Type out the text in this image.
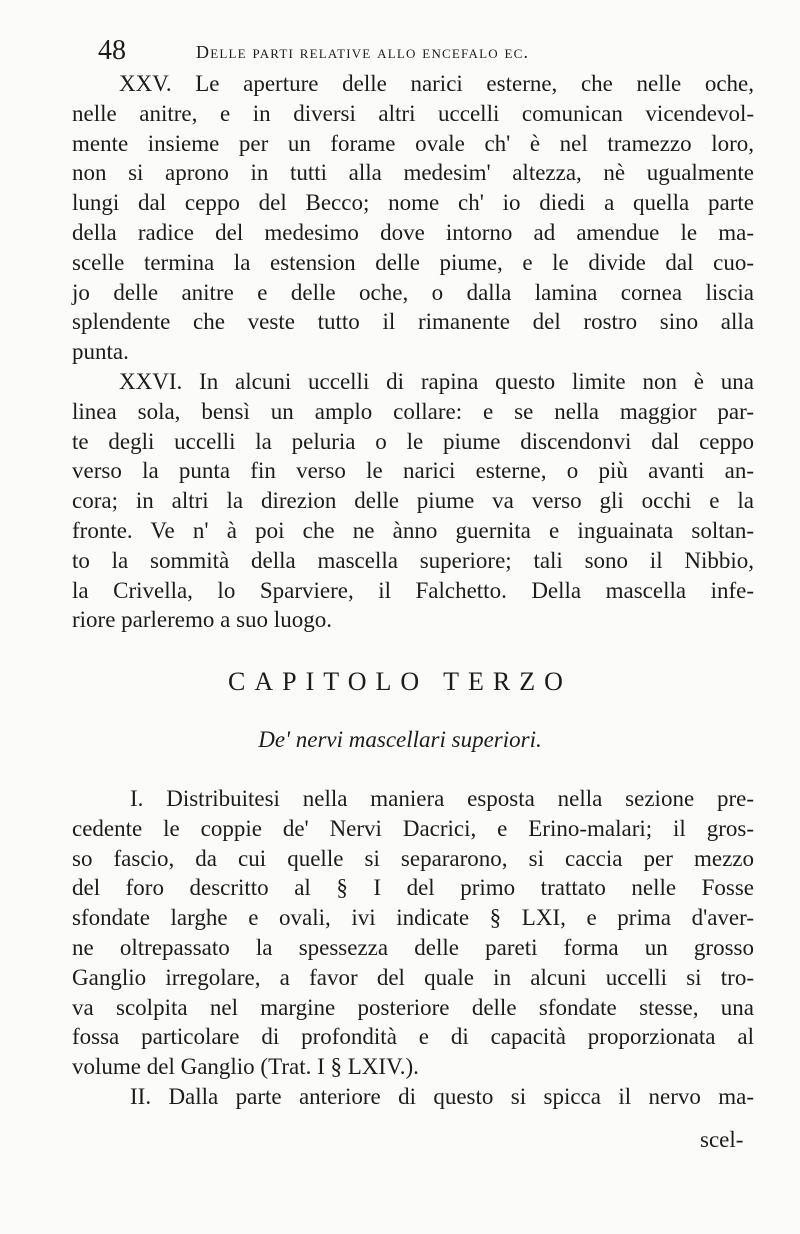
48	Delle parti relative allo encefalo ec.
XXV. Le aperture delle narici esterne, che nelle oche,
nelle anitre, e in diversi altri uccelli comunican vicendevol-
mente insieme per un forame ovale ch' è nel tramezzo loro,
non si aprono in tutti alla medesim' altezza, nè ugualmente
lungi dal ceppo del Becco; nome ch' io diedi a quella parte
della radice del medesimo dove intorno ad amendue le ma-
scelle termina la estension delle piume, e le divide dal cuo-
jo delle anitre e delle oche, o dalla lamina cornea liscia
splendente che veste tutto il rimanente del rostro sino alla
punta.
XXVI. In alcuni uccelli di rapina questo limite non è una
linea sola, bensì un amplo collare: e se nella maggior par-
te degli uccelli la peluria o le piume discendonvi dal ceppo
verso la punta fin verso le narici esterne, o più avanti an-
cora; in altri la direzion delle piume va verso gli occhi e la
fronte. Ve n' à poi che ne ànno guernita e inguainata soltan-
to la sommità della mascella superiore; tali sono il Nibbio,
la Crivella, lo Sparviere, il Falchetto. Della mascella infe-
riore parleremo a suo luogo.
CAPITOLO TERZO
De' nervi mascellari superiori.
I. Distribuitesi nella maniera esposta nella sezione pre-
cedente le coppie de' Nervi Dacrici, e Erino-malari; il gros-
so fascio, da cui quelle si separarono, si caccia per mezzo
del foro descritto al § I del primo trattato nelle Fosse
sfondate larghe e ovali, ivi indicate § LXI, e prima d'aver-
ne oltrepassato la spessezza delle pareti forma un grosso
Ganglio irregolare, a favor del quale in alcuni uccelli si tro-
va scolpita nel margine posteriore delle sfondate stesse, una
fossa particolare di profondità e di capacità proporzionata al
volume del Ganglio (Trat. I § LXIV.).
II. Dalla parte anteriore di questo si spicca il nervo ma-
scel-
